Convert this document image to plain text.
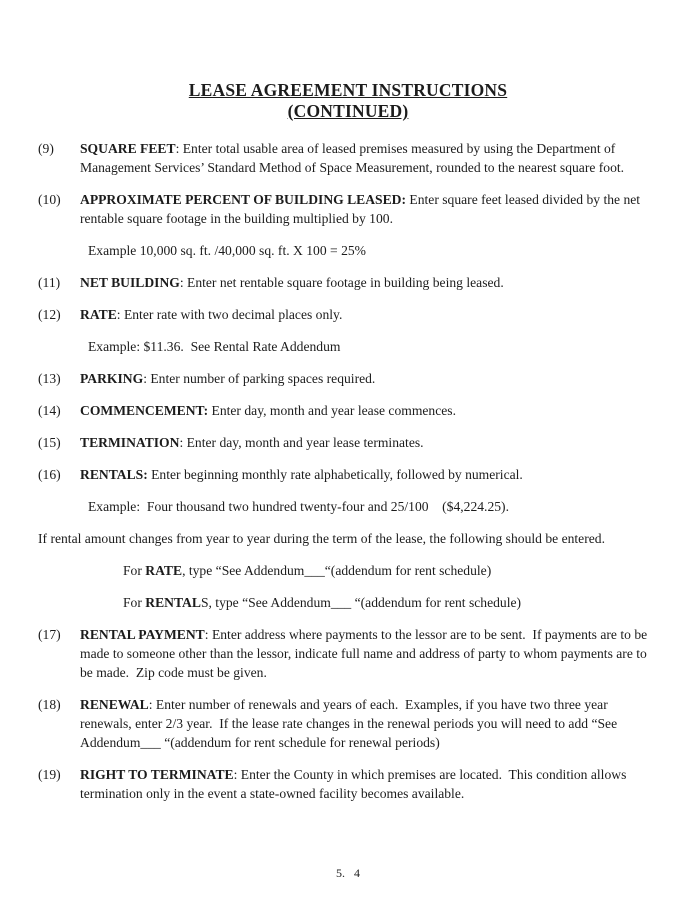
LEASE AGREEMENT INSTRUCTIONS
(CONTINUED)
(9)	SQUARE FEET: Enter total usable area of leased premises measured by using the Department of Management Services’ Standard Method of Space Measurement, rounded to the nearest square foot.

(10)	APPROXIMATE PERCENT OF BUILDING LEASED: Enter square feet leased divided by the net rentable square footage in the building multiplied by 100.

Example 10,000 sq. ft. /40,000 sq. ft. X 100 = 25%

(11)	NET BUILDING: Enter net rentable square footage in building being leased.

(12)	RATE: Enter rate with two decimal places only.

Example: $11.36.  See Rental Rate Addendum

(13)	PARKING: Enter number of parking spaces required.

(14)	COMMENCEMENT: Enter day, month and year lease commences.

(15)	TERMINATION: Enter day, month and year lease terminates.

(16)	RENTALS: Enter beginning monthly rate alphabetically, followed by numerical.

Example:  Four thousand two hundred twenty-four and 25/100    ($4,224.25).

If rental amount changes from year to year during the term of the lease, the following should be entered.

For RATE, type “See Addendum___“(addendum for rent schedule)

For RENTALS, type “See Addendum___ “(addendum for rent schedule)

(17)	RENTAL PAYMENT: Enter address where payments to the lessor are to be sent.  If payments are to be made to someone other than the lessor, indicate full name and address of party to whom payments are to be made.  Zip code must be given.

(18)	RENEWAL: Enter number of renewals and years of each.  Examples, if you have two three year renewals, enter 2/3 year.  If the lease rate changes in the renewal periods you will need to add “See Addendum___ “(addendum for rent schedule for renewal periods)

(19)	RIGHT TO TERMINATE: Enter the County in which premises are located.  This condition allows termination only in the event a state-owned facility becomes available.

5.   4
